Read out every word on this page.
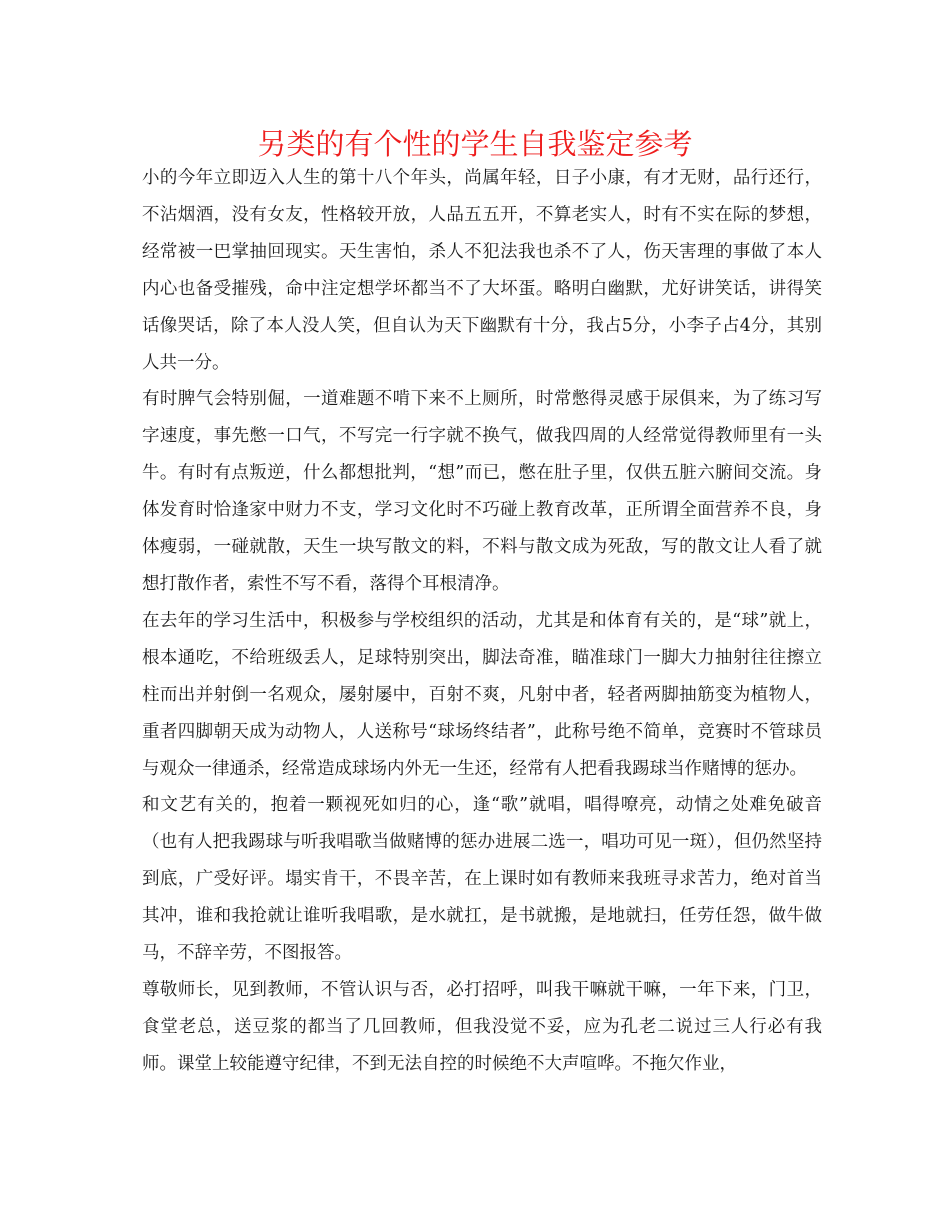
另类的有个性的学生自我鉴定参考

小的今年立即迈入人生的第十八个年头，尚属年轻，日子小康，有才无财，品行还行，不沾烟酒，没有女友，性格较开放，人品五五开，不算老实人，时有不实在际的梦想，经常被一巴掌抽回现实。天生害怕，杀人不犯法我也杀不了人，伤天害理的事做了本人内心也备受摧残，命中注定想学坏都当不了大坏蛋。略明白幽默，尤好讲笑话，讲得笑话像哭话，除了本人没人笑，但自认为天下幽默有十分，我占5分，小李子占4分，其别人共一分。

有时脾气会特别倔，一道难题不啃下来不上厕所，时常憋得灵感于尿俱来，为了练习写字速度，事先憋一口气，不写完一行字就不换气，做我四周的人经常觉得教师里有一头牛。有时有点叛逆，什么都想批判，“想”而已，憋在肚子里，仅供五脏六腑间交流。身体发育时恰逢家中财力不支，学习文化时不巧碰上教育改革，正所谓全面营养不良，身体瘦弱，一碰就散，天生一块写散文的料，不料与散文成为死敌，写的散文让人看了就想打散作者，索性不写不看，落得个耳根清净。

在去年的学习生活中，积极参与学校组织的活动，尤其是和体育有关的，是“球”就上，根本通吃，不给班级丢人，足球特别突出，脚法奇准，瞄准球门一脚大力抽射往往擦立柱而出并射倒一名观众，屡射屡中，百射不爽，凡射中者，轻者两脚抽筋变为植物人，重者四脚朝天成为动物人，人送称号“球场终结者”，此称号绝不简单，竞赛时不管球员与观众一律通杀，经常造成球场内外无一生还，经常有人把看我踢球当作赌博的惩办。

和文艺有关的，抱着一颗视死如归的心，逢“歌”就唱，唱得嘹亮，动情之处难免破音（也有人把我踢球与听我唱歌当做赌博的惩办进展二选一，唱功可见一斑），但仍然坚持到底，广受好评。塌实肯干，不畏辛苦，在上课时如有教师来我班寻求苦力，绝对首当其冲，谁和我抢就让谁听我唱歌，是水就扛，是书就搬，是地就扫，任劳任怨，做牛做马，不辞辛劳，不图报答。

尊敬师长，见到教师，不管认识与否，必打招呼，叫我干嘛就干嘛，一年下来，门卫，食堂老总，送豆浆的都当了几回教师，但我没觉不妥，应为孔老二说过三人行必有我师。课堂上较能遵守纪律，不到无法自控的时候绝不大声喧哗。不拖欠作业，
